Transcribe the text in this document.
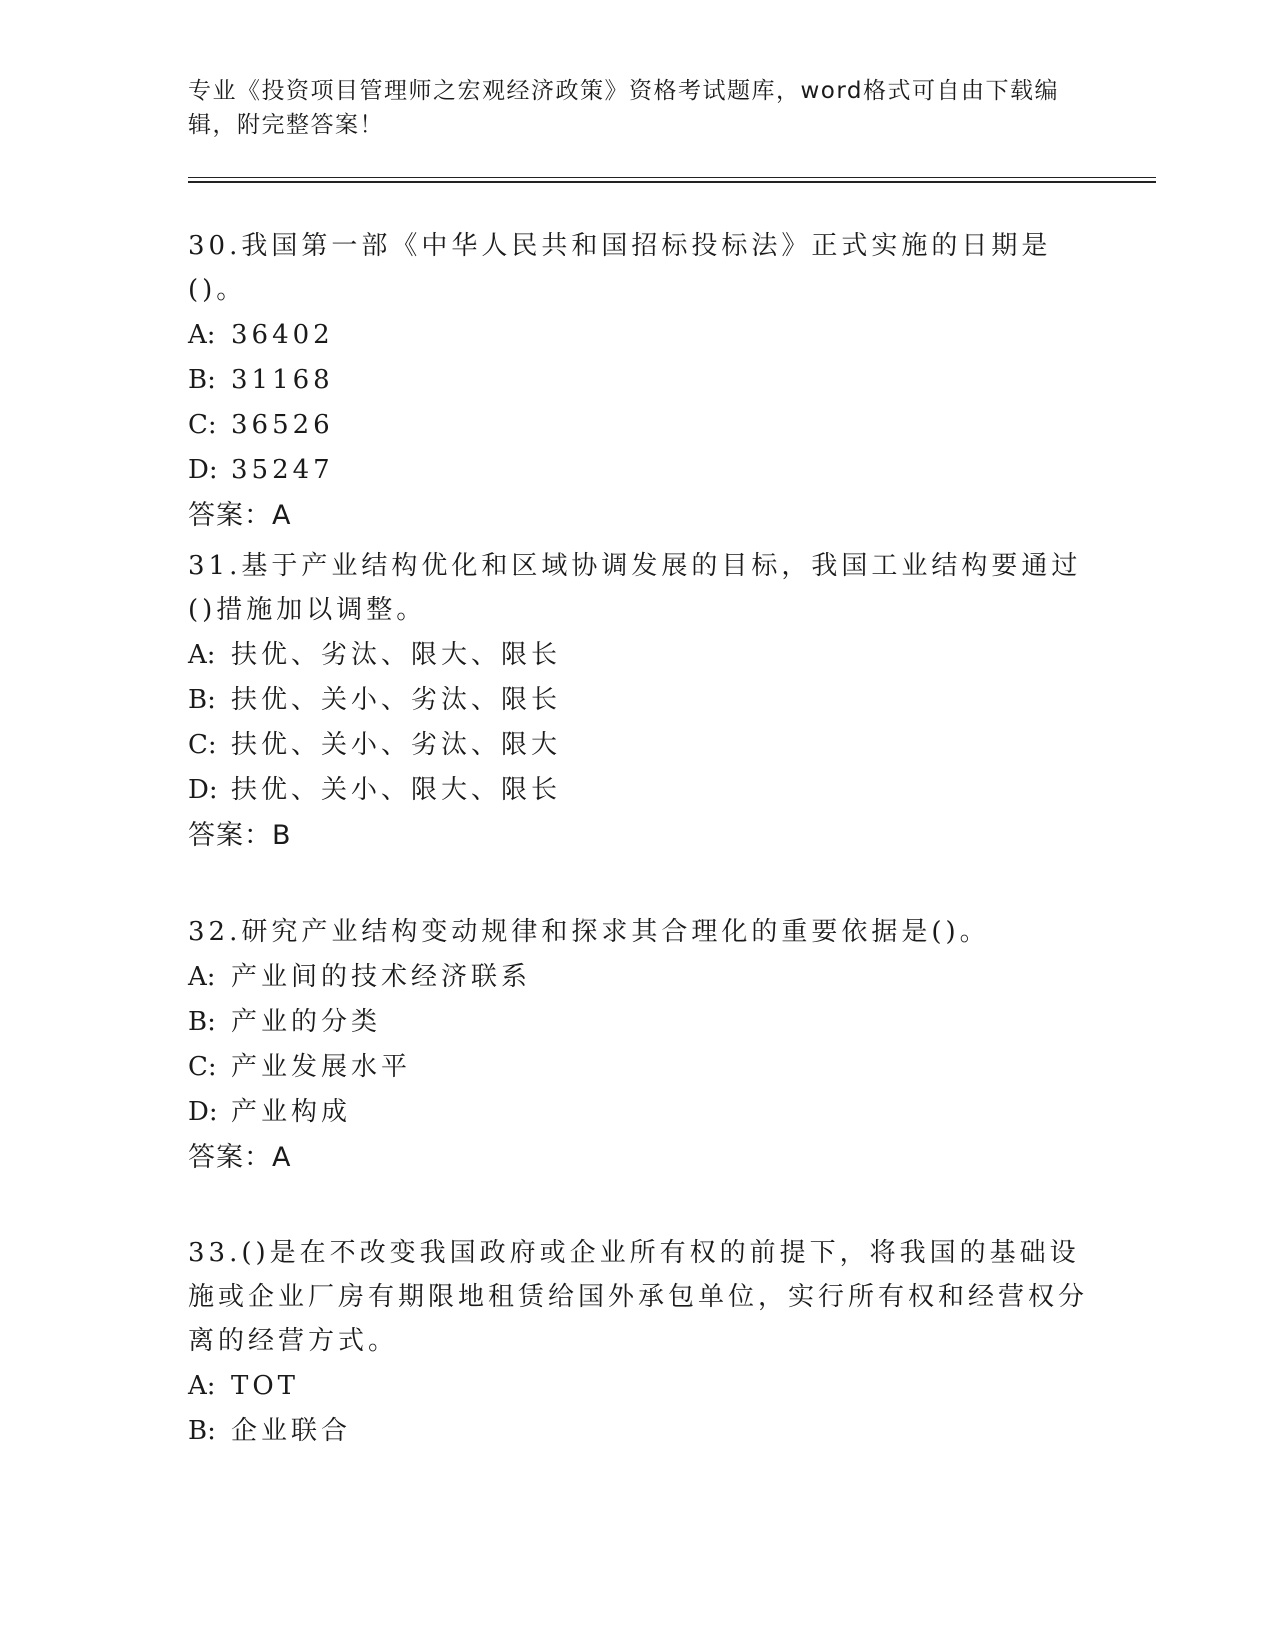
专业《投资项目管理师之宏观经济政策》资格考试题库，word格式可自由下载编辑，附完整答案！
30.我国第一部《中华人民共和国招标投标法》正式实施的日期是()。
A: 36402
B: 31168
C: 36526
D: 35247
答案：A
31.基于产业结构优化和区域协调发展的目标，我国工业结构要通过()措施加以调整。
A: 扶优、劣汰、限大、限长
B: 扶优、关小、劣汰、限长
C: 扶优、关小、劣汰、限大
D: 扶优、关小、限大、限长
答案：B
32.研究产业结构变动规律和探求其合理化的重要依据是()。
A: 产业间的技术经济联系
B: 产业的分类
C: 产业发展水平
D: 产业构成
答案：A
33.()是在不改变我国政府或企业所有权的前提下，将我国的基础设施或企业厂房有期限地租赁给国外承包单位，实行所有权和经营权分离的经营方式。
A: TOT
B: 企业联合
